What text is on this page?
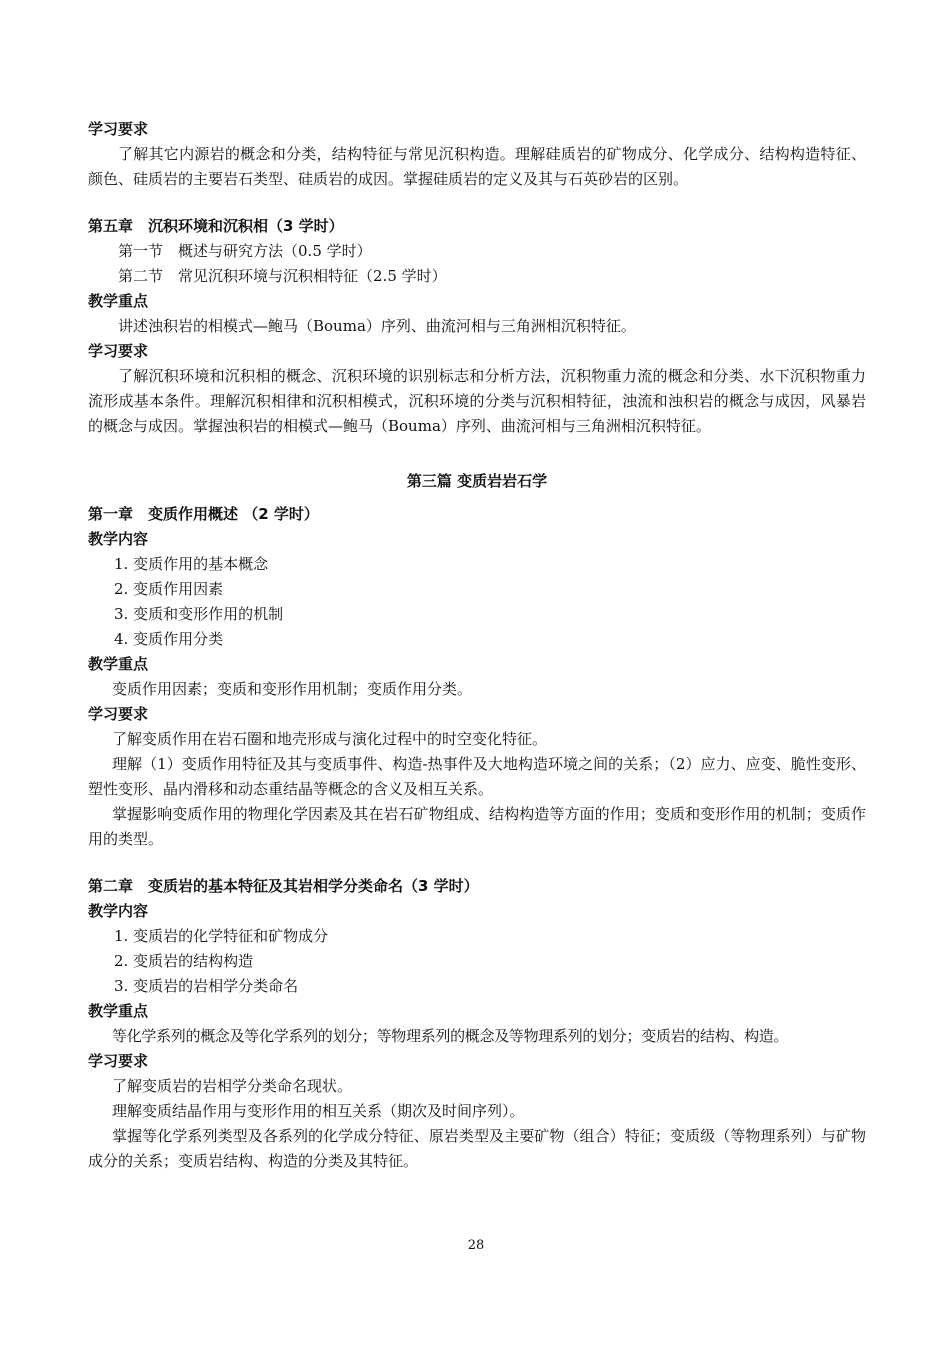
学习要求

了解其它内源岩的概念和分类，结构特征与常见沉积构造。理解硅质岩的矿物成分、化学成分、结构构造特征、颜色、硅质岩的主要岩石类型、硅质岩的成因。掌握硅质岩的定义及其与石英砂岩的区别。

第五章　沉积环境和沉积相（3 学时）

第一节　概述与研究方法（0.5 学时）

第二节　常见沉积环境与沉积相特征（2.5 学时）

教学重点

讲述浊积岩的相模式—鲍马（Bouma）序列、曲流河相与三角洲相沉积特征。

学习要求

了解沉积环境和沉积相的概念、沉积环境的识别标志和分析方法，沉积物重力流的概念和分类、水下沉积物重力流形成基本条件。理解沉积相律和沉积相模式，沉积环境的分类与沉积相特征，浊流和浊积岩的概念与成因，风暴岩的概念与成因。掌握浊积岩的相模式—鲍马（Bouma）序列、曲流河相与三角洲相沉积特征。

第三篇 变质岩岩石学

第一章　变质作用概述 （2 学时）

教学内容

1. 变质作用的基本概念

2. 变质作用因素

3. 变质和变形作用的机制

4. 变质作用分类

教学重点

变质作用因素；变质和变形作用机制；变质作用分类。

学习要求

了解变质作用在岩石圈和地壳形成与演化过程中的时空变化特征。

理解（1）变质作用特征及其与变质事件、构造-热事件及大地构造环境之间的关系；（2）应力、应变、脆性变形、塑性变形、晶内滑移和动态重结晶等概念的含义及相互关系。

掌握影响变质作用的物理化学因素及其在岩石矿物组成、结构构造等方面的作用；变质和变形作用的机制；变质作用的类型。

第二章　变质岩的基本特征及其岩相学分类命名（3 学时）

教学内容

1. 变质岩的化学特征和矿物成分

2. 变质岩的结构构造

3. 变质岩的岩相学分类命名

教学重点

等化学系列的概念及等化学系列的划分；等物理系列的概念及等物理系列的划分；变质岩的结构、构造。

学习要求

了解变质岩的岩相学分类命名现状。

理解变质结晶作用与变形作用的相互关系（期次及时间序列）。

掌握等化学系列类型及各系列的化学成分特征、原岩类型及主要矿物（组合）特征；变质级（等物理系列）与矿物成分的关系；变质岩结构、构造的分类及其特征。

28
